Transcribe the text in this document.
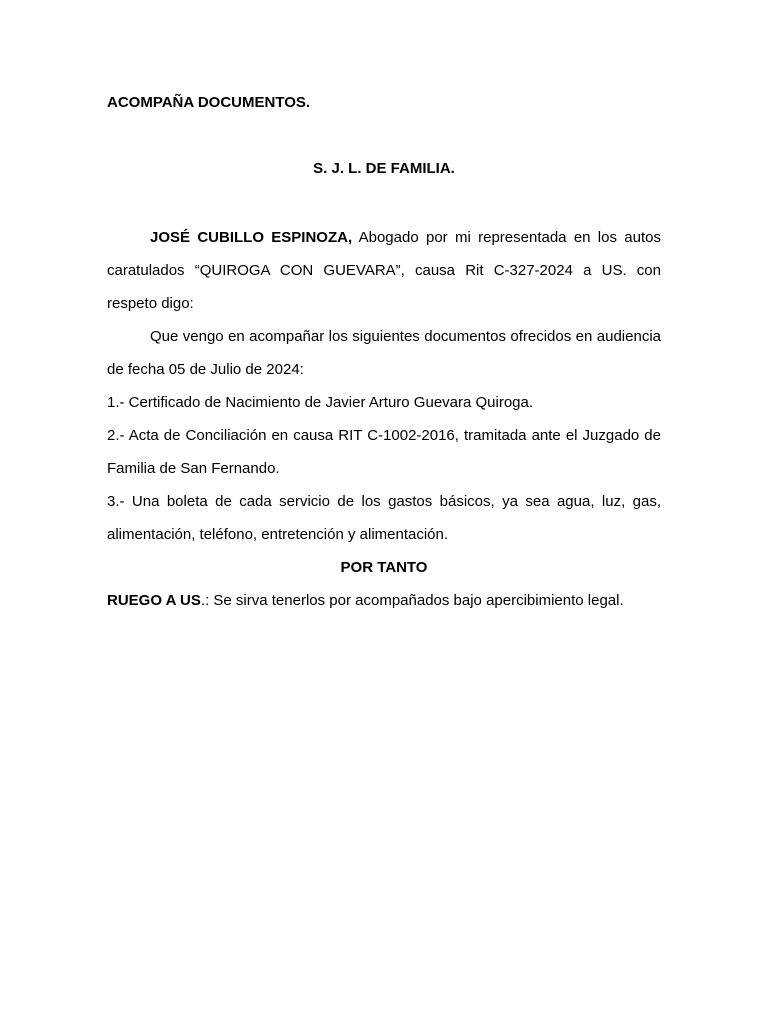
ACOMPAÑA DOCUMENTOS.

S. J. L. DE FAMILIA.

JOSÉ CUBILLO ESPINOZA, Abogado por mi representada en los autos caratulados “QUIROGA CON GUEVARA”, causa Rit C-327-2024 a US. con respeto digo:

Que vengo en acompañar los siguientes documentos ofrecidos en audiencia de fecha 05 de Julio de 2024:

1.- Certificado de Nacimiento de Javier Arturo Guevara Quiroga.

2.- Acta de Conciliación en causa RIT C-1002-2016, tramitada ante el Juzgado de Familia de San Fernando.

3.- Una boleta de cada servicio de los gastos básicos, ya sea agua, luz, gas, alimentación, teléfono, entretención y alimentación.

POR TANTO

RUEGO A US.: Se sirva tenerlos por acompañados bajo apercibimiento legal.
